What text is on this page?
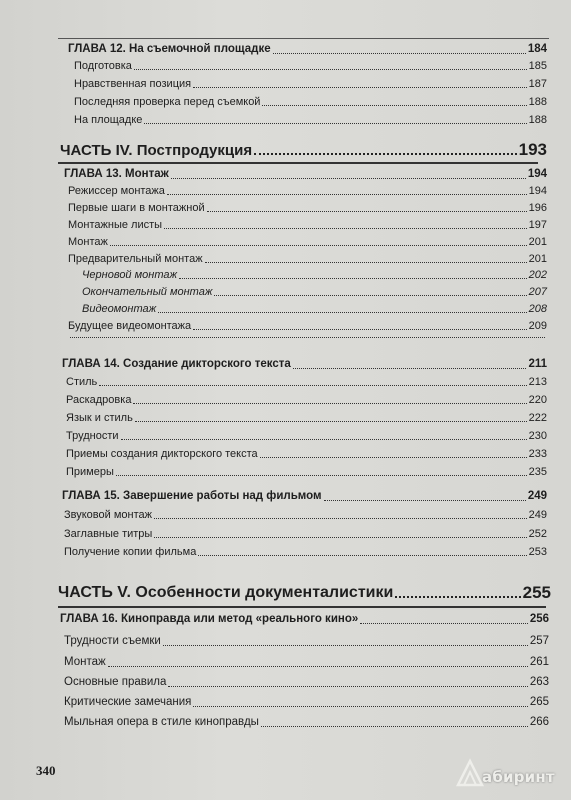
ГЛАВА 12. На съемочной площадке	184
Подготовка	185
Нравственная позиция	187
Последняя проверка перед съемкой	188
На площадке	188
ЧАСТЬ IV. Постпродукция	193
ГЛАВА 13. Монтаж	194
Режиссер монтажа	194
Первые шаги в монтажной	196
Монтажные листы	197
Монтаж	201
Предварительный монтаж	201
Черновой монтаж	202
Окончательный монтаж	207
Видеомонтаж	208
Будущее видеомонтажа	209
ГЛАВА 14. Создание дикторского текста	211
Стиль	213
Раскадровка	220
Язык и стиль	222
Трудности	230
Приемы создания дикторского текста	233
Примеры	235
ГЛАВА 15. Завершение работы над фильмом	249
Звуковой монтаж	249
Заглавные титры	252
Получение копии фильма	253
ЧАСТЬ V. Особенности документалистики	255
ГЛАВА 16. Киноправда или метод «реального кино»	256
Трудности съемки	257
Монтаж	261
Основные правила	263
Критические замечания	265
Мыльная опера в стиле киноправды	266
340	абиринт
